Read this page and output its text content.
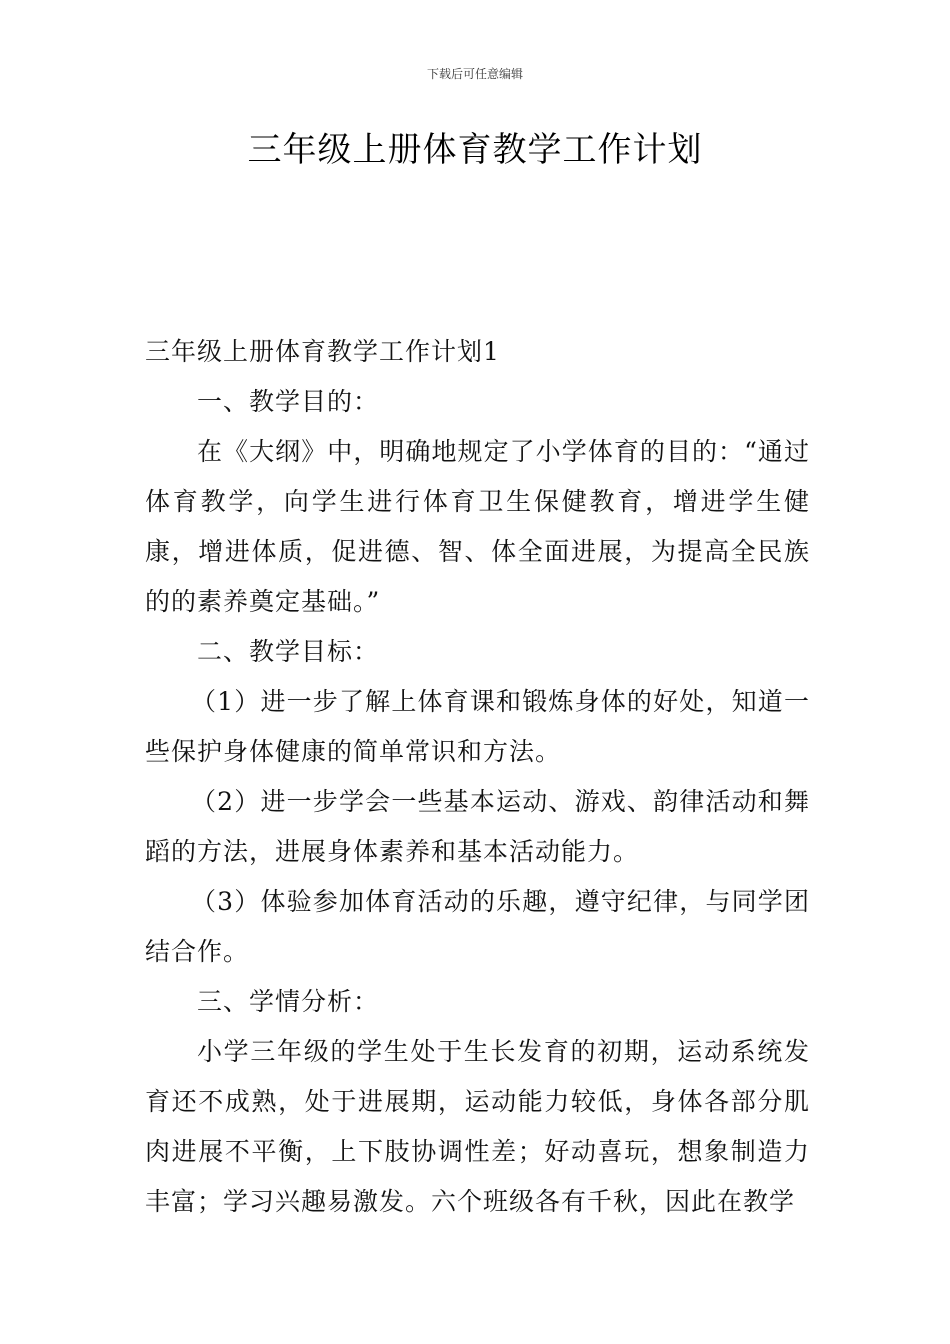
下载后可任意编辑
三年级上册体育教学工作计划

三年级上册体育教学工作计划1

一、教学目的：

在《大纲》中，明确地规定了小学体育的目的：“通过体育教学，向学生进行体育卫生保健教育，增进学生健康，增进体质，促进德、智、体全面进展，为提高全民族的的素养奠定基础。”

二、教学目标：

（1）进一步了解上体育课和锻炼身体的好处，知道一些保护身体健康的简单常识和方法。

（2）进一步学会一些基本运动、游戏、韵律活动和舞蹈的方法，进展身体素养和基本活动能力。

（3）体验参加体育活动的乐趣，遵守纪律，与同学团结合作。

三、学情分析：

小学三年级的学生处于生长发育的初期，运动系统发育还不成熟，处于进展期，运动能力较低，身体各部分肌肉进展不平衡，上下肢协调性差；好动喜玩，想象制造力丰富；学习兴趣易激发。六个班级各有千秋，因此在教学
